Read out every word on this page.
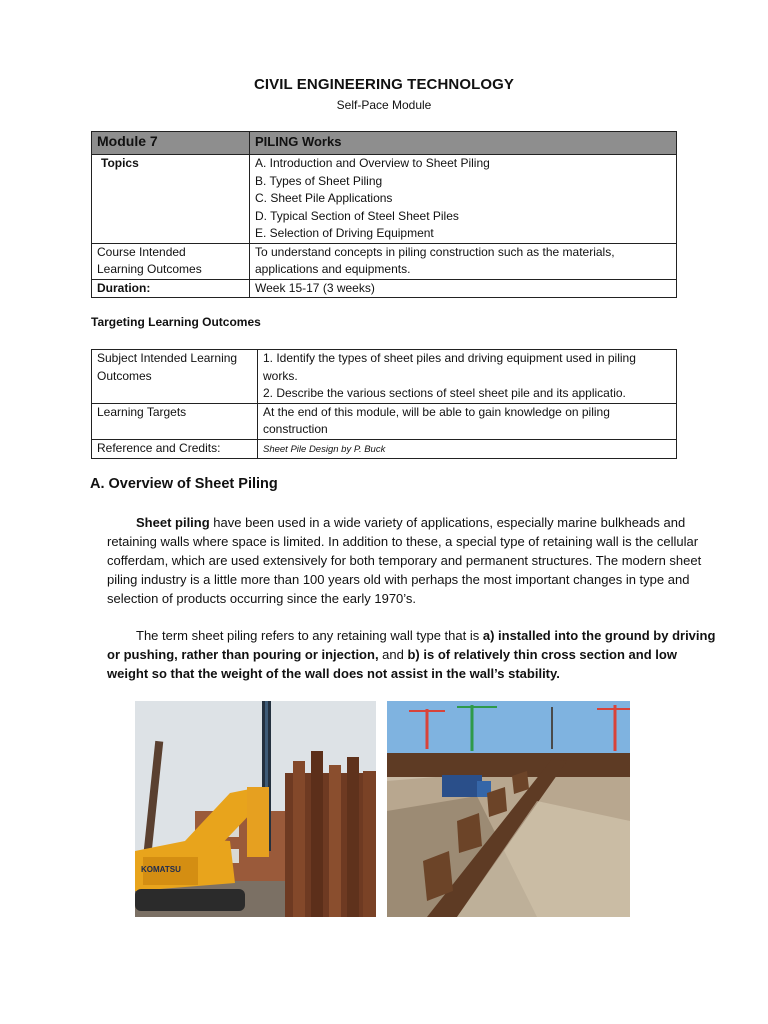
CIVIL ENGINEERING TECHNOLOGY
Self-Pace Module
Module 7	PILING Works
Topics	A. Introduction and Overview to Sheet Piling
B. Types of Sheet Piling
C. Sheet Pile Applications
D. Typical Section of Steel Sheet Piles
E. Selection of Driving Equipment

Course Intended
Learning Outcomes	To understand concepts in piling construction such as the materials, applications and equipments.
Duration:	Week 15-17 (3 weeks)
Targeting Learning Outcomes
Subject Intended Learning Outcomes	1. Identify the types of sheet piles and driving equipment used in piling works.
2. Describe the various sections of steel sheet pile and its applicatio.

Learning Targets	At the end of this module, will be able to gain knowledge on piling construction
Reference and Credits:	Sheet Pile Design by P. Buck
A. Overview of Sheet Piling
Sheet piling have been used in a wide variety of applications, especially marine bulkheads and retaining walls where space is limited. In addition to these, a special type of retaining wall is the cellular cofferdam, which are used extensively for both temporary and permanent structures. The modern sheet piling industry is a little more than 100 years old with perhaps the most important changes in type and selection of products occurring since the early 1970’s.
The term sheet piling refers to any retaining wall type that is a) installed into the ground by driving or pushing, rather than pouring or injection, and b) is of relatively thin cross section and low weight so that the weight of the wall does not assist in the wall’s stability.
KOMATSU
